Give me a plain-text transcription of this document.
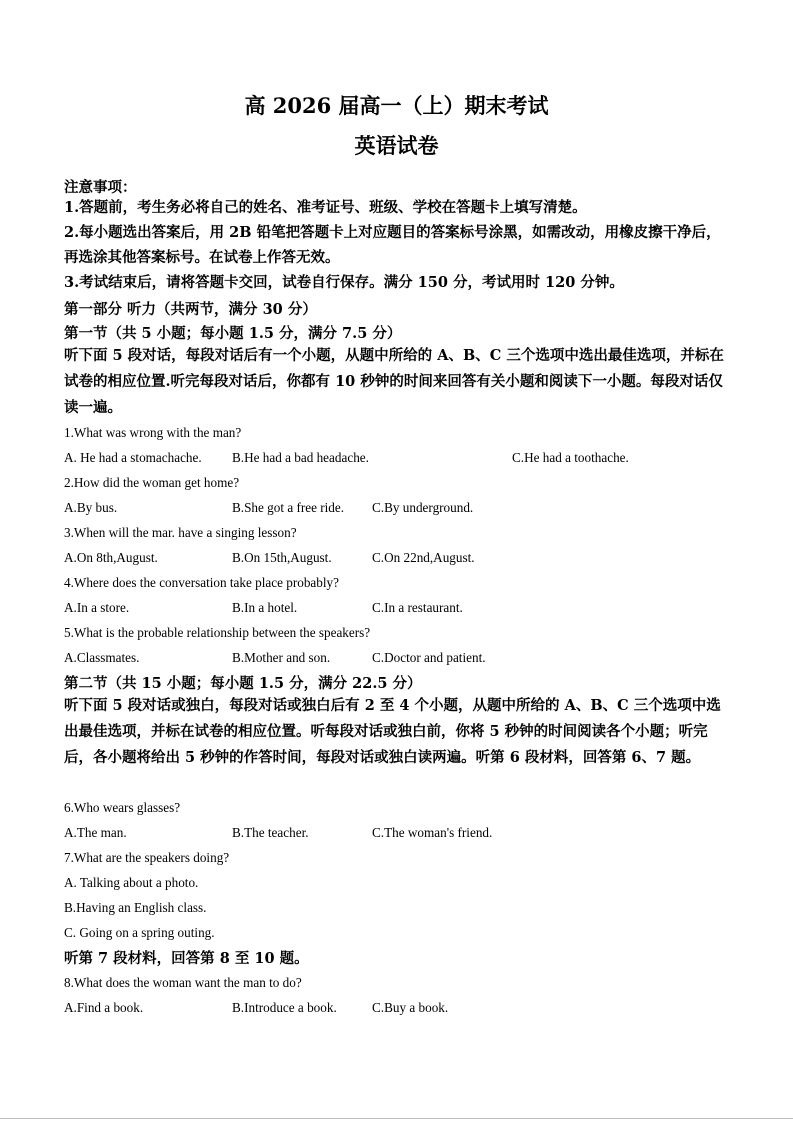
高 2026 届高一（上）期末考试
英语试卷
注意事项：
1.答题前，考生务必将自己的姓名、准考证号、班级、学校在答题卡上填写清楚。
2.每小题选出答案后，用 2B 铅笔把答题卡上对应题目的答案标号涂黑，如需改动，用橡皮擦干净后，再选涂其他答案标号。在试卷上作答无效。
3.考试结束后，请将答题卡交回，试卷自行保存。满分 150 分，考试用时 120 分钟。
第一部分 听力（共两节，满分 30 分）
第一节（共 5 小题；每小题 1.5 分，满分 7.5 分）
听下面 5 段对话，每段对话后有一个小题，从题中所给的 A、B、C 三个选项中选出最佳选项，并标在试卷的相应位置.听完每段对话后，你都有 10 秒钟的时间来回答有关小题和阅读下一小题。每段对话仅读一遍。
1.What was wrong with the man?
A. He had a stomachache. B.He had a bad headache.	C.He had a toothache.
2.How did the woman get home?
A.By bus.	B.She got a free ride. C.By underground.
3.When will the mar. have a singing lesson?
A.On 8th,August.	B.On 15th,August.	C.On 22nd,August.
4.Where does the conversation take place probably?
A.In a store.	B.In a hotel.	C.In a restaurant.
5.What is the probable relationship between the speakers?
A.Classmates.	B.Mother and son.	C.Doctor and patient.
第二节（共 15 小题；每小题 1.5 分，满分 22.5 分）
听下面 5 段对话或独白，每段对话或独白后有 2 至 4 个小题，从题中所给的 A、B、C 三个选项中选出最佳选项，并标在试卷的相应位置。听每段对话或独白前，你将 5 秒钟的时间阅读各个小题；听完后，各小题将给出 5 秒钟的作答时间，每段对话或独白读两遍。听第 6 段材料，回答第 6、7 题。
6.Who wears glasses?
A.The man.	B.The teacher.	C.The woman's friend.
7.What are the speakers doing?
A. Talking about a photo.
B.Having an English class.
C. Going on a spring outing.
听第 7 段材料，回答第 8 至 10 题。
8.What does the woman want the man to do?
A.Find a book.	B.Introduce a book.	C.Buy a book.
